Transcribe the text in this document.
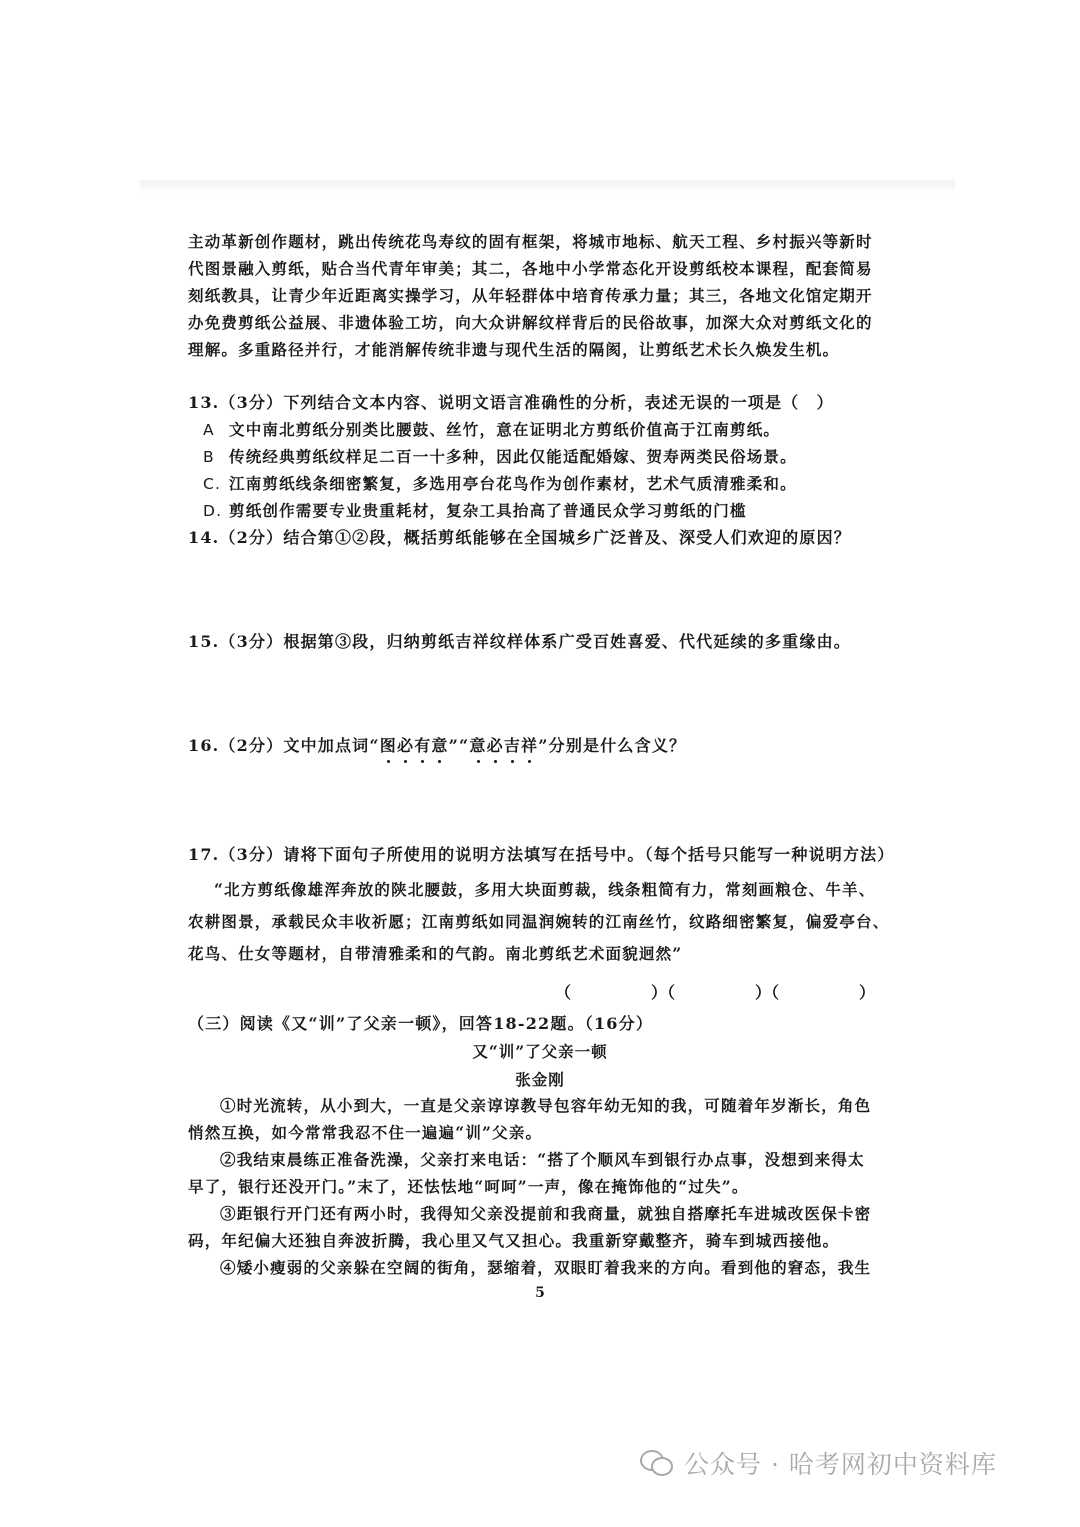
主动革新创作题材，跳出传统花鸟寿纹的固有框架，将城市地标、航天工程、乡村振兴等新时
代图景融入剪纸，贴合当代青年审美；其二，各地中小学常态化开设剪纸校本课程，配套简易
刻纸教具，让青少年近距离实操学习，从年轻群体中培育传承力量；其三，各地文化馆定期开
办免费剪纸公益展、非遗体验工坊，向大众讲解纹样背后的民俗故事，加深大众对剪纸文化的
理解。多重路径并行，才能消解传统非遗与现代生活的隔阂，让剪纸艺术长久焕发生机。
13.（3分）下列结合文本内容、说明文语言准确性的分析，表述无误的一项是（　）
A 文中南北剪纸分别类比腰鼓、丝竹，意在证明北方剪纸价值高于江南剪纸。
B 传统经典剪纸纹样足二百一十多种，因此仅能适配婚嫁、贺寿两类民俗场景。
C. 江南剪纸线条细密繁复，多选用亭台花鸟作为创作素材，艺术气质清雅柔和。
D. 剪纸创作需要专业贵重耗材，复杂工具抬高了普通民众学习剪纸的门槛
14.（2分）结合第①②段，概括剪纸能够在全国城乡广泛普及、深受人们欢迎的原因？
15.（3分）根据第③段，归纳剪纸吉祥纹样体系广受百姓喜爱、代代延续的多重缘由。
16.（2分）文中加点词“图必有意”“意必吉祥”分别是什么含义？
17.（3分）请将下面句子所使用的说明方法填写在括号中。（每个括号只能写一种说明方法）
“北方剪纸像雄浑奔放的陕北腰鼓，多用大块面剪裁，线条粗简有力，常刻画粮仓、牛羊、
农耕图景，承载民众丰收祈愿；江南剪纸如同温润婉转的江南丝竹，纹路细密繁复，偏爱亭台、
花鸟、仕女等题材，自带清雅柔和的气韵。南北剪纸艺术面貌迥然”
（　　　　　）（　　　　　）（　　　　　）
（三）阅读《又“训”了父亲一顿》，回答18-22题。（16分）
又“训”了父亲一顿
张金刚
①时光流转，从小到大，一直是父亲谆谆教导包容年幼无知的我，可随着年岁渐长，角色
悄然互换，如今常常我忍不住一遍遍“训”父亲。
②我结束晨练正准备洗澡，父亲打来电话：“搭了个顺风车到银行办点事，没想到来得太
早了，银行还没开门。”末了，还怯怯地“呵呵”一声，像在掩饰他的“过失”。
③距银行开门还有两小时，我得知父亲没提前和我商量，就独自搭摩托车进城改医保卡密
码，年纪偏大还独自奔波折腾，我心里又气又担心。我重新穿戴整齐，骑车到城西接他。
④矮小瘦弱的父亲躲在空阔的街角，瑟缩着，双眼盯着我来的方向。看到他的窘态，我生
5
公众号 · 哈考网初中资料库
